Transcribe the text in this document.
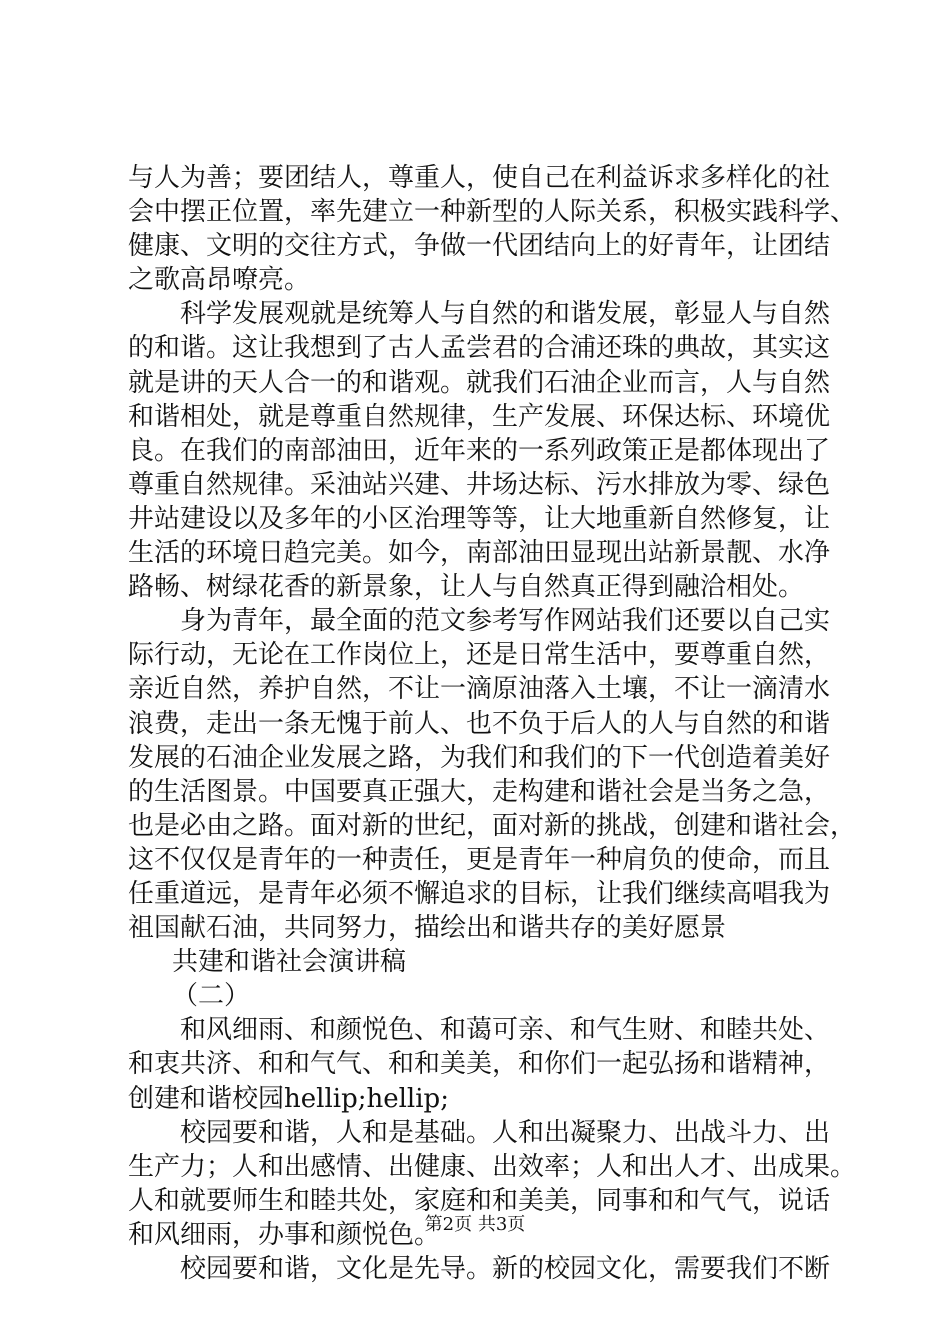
与人为善；要团结人，尊重人，使自己在利益诉求多样化的社
会中摆正位置，率先建立一种新型的人际关系，积极实践科学、
健康、文明的交往方式，争做一代团结向上的好青年，让团结
之歌高昂嘹亮。
科学发展观就是统筹人与自然的和谐发展，彰显人与自然
的和谐。这让我想到了古人孟尝君的合浦还珠的典故，其实这
就是讲的天人合一的和谐观。就我们石油企业而言，人与自然
和谐相处，就是尊重自然规律，生产发展、环保达标、环境优
良。在我们的南部油田，近年来的一系列政策正是都体现出了
尊重自然规律。采油站兴建、井场达标、污水排放为零、绿色
井站建设以及多年的小区治理等等，让大地重新自然修复，让
生活的环境日趋完美。如今，南部油田显现出站新景靓、水净
路畅、树绿花香的新景象，让人与自然真正得到融洽相处。
身为青年，最全面的范文参考写作网站我们还要以自己实
际行动，无论在工作岗位上，还是日常生活中，要尊重自然，
亲近自然，养护自然，不让一滴原油落入土壤，不让一滴清水
浪费，走出一条无愧于前人、也不负于后人的人与自然的和谐
发展的石油企业发展之路，为我们和我们的下一代创造着美好
的生活图景。中国要真正强大，走构建和谐社会是当务之急，
也是必由之路。面对新的世纪，面对新的挑战，创建和谐社会，
这不仅仅是青年的一种责任，更是青年一种肩负的使命，而且
任重道远，是青年必须不懈追求的目标，让我们继续高唱我为
祖国献石油，共同努力，描绘出和谐共存的美好愿景
共建和谐社会演讲稿
（二）
和风细雨、和颜悦色、和蔼可亲、和气生财、和睦共处、
和衷共济、和和气气、和和美美，和你们一起弘扬和谐精神，
创建和谐校园hellip;hellip;
校园要和谐，人和是基础。人和出凝聚力、出战斗力、出
生产力；人和出感情、出健康、出效率；人和出人才、出成果。
人和就要师生和睦共处，家庭和和美美，同事和和气气，说话
和风细雨，办事和颜悦色。
校园要和谐，文化是先导。新的校园文化，需要我们不断
第2页 共3页
